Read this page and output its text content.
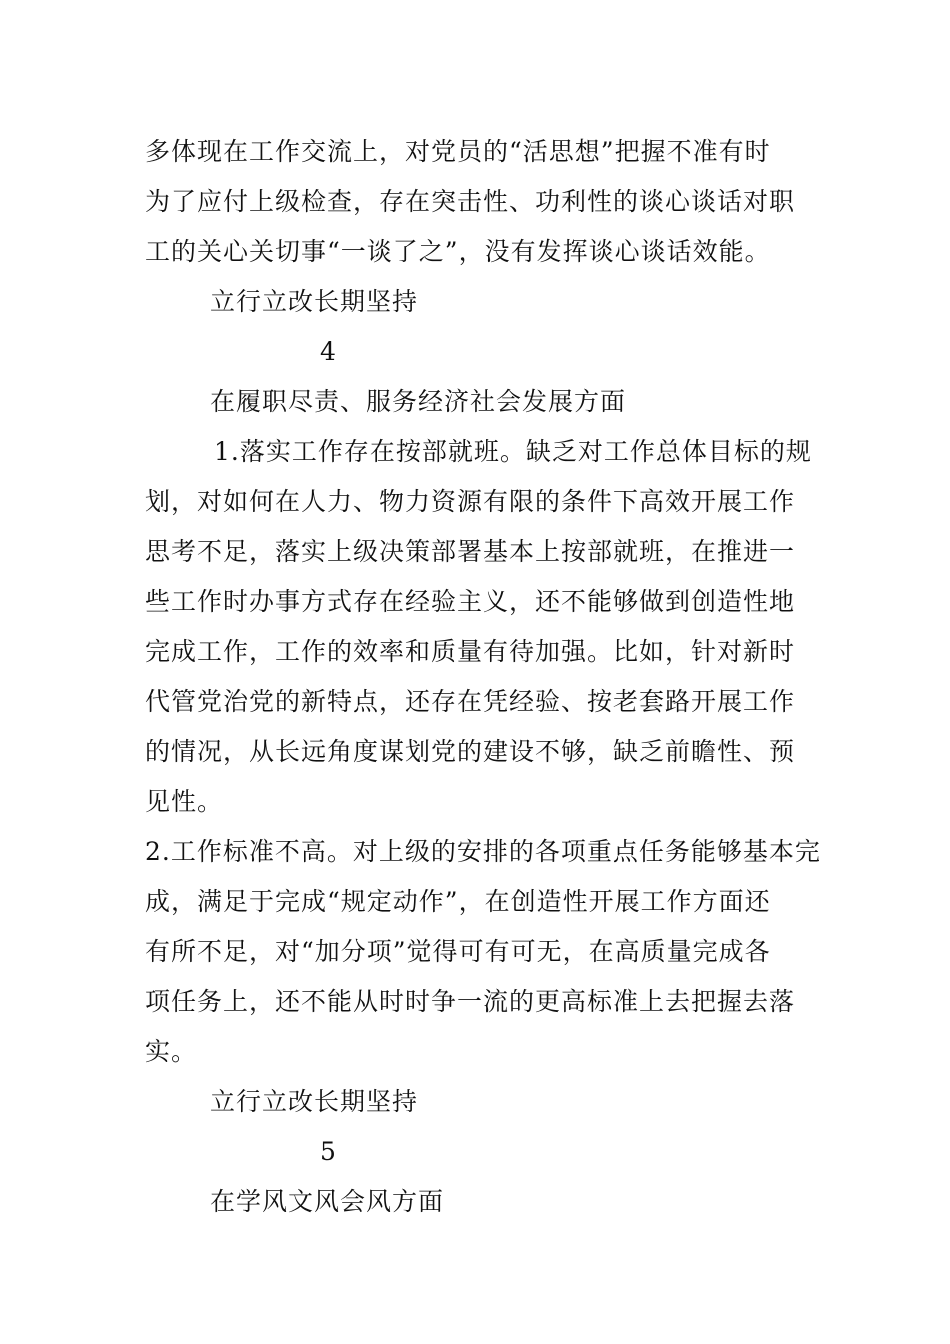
多体现在工作交流上，对党员的“活思想”把握不准有时
为了应付上级检查，存在突击性、功利性的谈心谈话对职
工的关心关切事“一谈了之”，没有发挥谈心谈话效能。
立行立改长期坚持
4
在履职尽责、服务经济社会发展方面
1.落实工作存在按部就班。缺乏对工作总体目标的规
划，对如何在人力、物力资源有限的条件下高效开展工作
思考不足，落实上级决策部署基本上按部就班，在推进一
些工作时办事方式存在经验主义，还不能够做到创造性地
完成工作，工作的效率和质量有待加强。比如，针对新时
代管党治党的新特点，还存在凭经验、按老套路开展工作
的情况，从长远角度谋划党的建设不够，缺乏前瞻性、预
见性。
2.工作标准不高。对上级的安排的各项重点任务能够基本完
成，满足于完成“规定动作”，在创造性开展工作方面还
有所不足，对“加分项”觉得可有可无，在高质量完成各
项任务上，还不能从时时争一流的更高标准上去把握去落
实。
立行立改长期坚持
5
在学风文风会风方面
